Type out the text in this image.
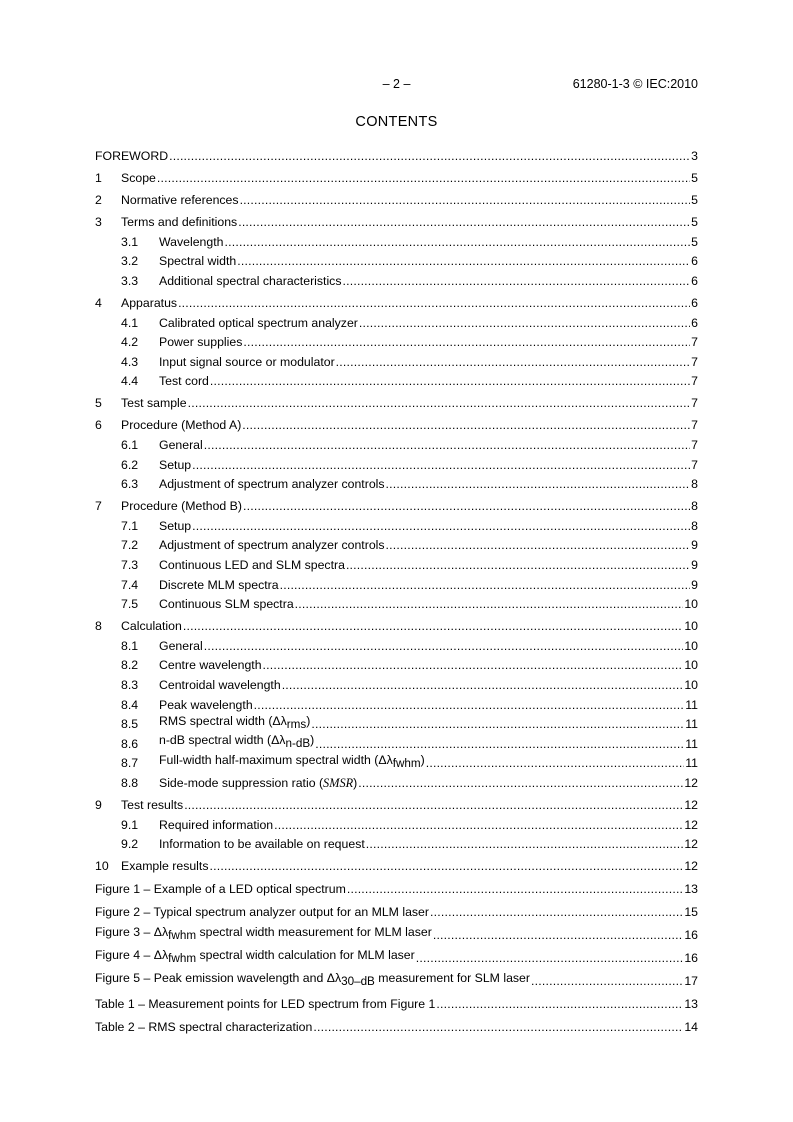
– 2 –	61280-1-3 © IEC:2010
CONTENTS
FOREWORD .....	3
1	Scope .....	5
2	Normative references .....	5
3	Terms and definitions .....	5
3.1	Wavelength .....	5
3.2	Spectral width .....	6
3.3	Additional spectral characteristics .....	6
4	Apparatus .....	6
4.1	Calibrated optical spectrum analyzer .....	6
4.2	Power supplies .....	7
4.3	Input signal source or modulator .....	7
4.4	Test cord .....	7
5	Test sample .....	7
6	Procedure (Method A) .....	7
6.1	General .....	7
6.2	Setup .....	7
6.3	Adjustment of spectrum analyzer controls .....	8
7	Procedure (Method B) .....	8
7.1	Setup .....	8
7.2	Adjustment of spectrum analyzer controls .....	9
7.3	Continuous LED and SLM spectra .....	9
7.4	Discrete MLM spectra .....	9
7.5	Continuous SLM spectra .....	10
8	Calculation .....	10
8.1	General .....	10
8.2	Centre wavelength .....	10
8.3	Centroidal wavelength .....	10
8.4	Peak wavelength .....	11
8.5	RMS spectral width $(\Delta\lambda_{rms})$ .....	11
8.6	n-dB spectral width $(\Delta\lambda_{n-dB})$ .....	11
8.7	Full-width half-maximum spectral width $(\Delta\lambda_{fwhm})$ .....	11
8.8	Side-mode suppression ratio (SMSR) .....	12
9	Test results .....	12
9.1	Required information .....	12
9.2	Information to be available on request .....	12
10	Example results .....	12
Figure 1 – Example of a LED optical spectrum .....	13
Figure 2 – Typical spectrum analyzer output for an MLM laser .....	15
Figure $3 - \Delta\lambda_{fwhm}$ spectral width measurement for MLM laser .....	16
Figure $4 - \Delta\lambda_{fwhm}$ spectral width calculation for MLM laser .....	16
Figure 5 – Peak emission wavelength and $\Delta\lambda_{30-dB}$ measurement for SLM laser .....	17
Table 1 – Measurement points for LED spectrum from Figure 1 .....	13
Table 2 – RMS spectral characterization .....	14
